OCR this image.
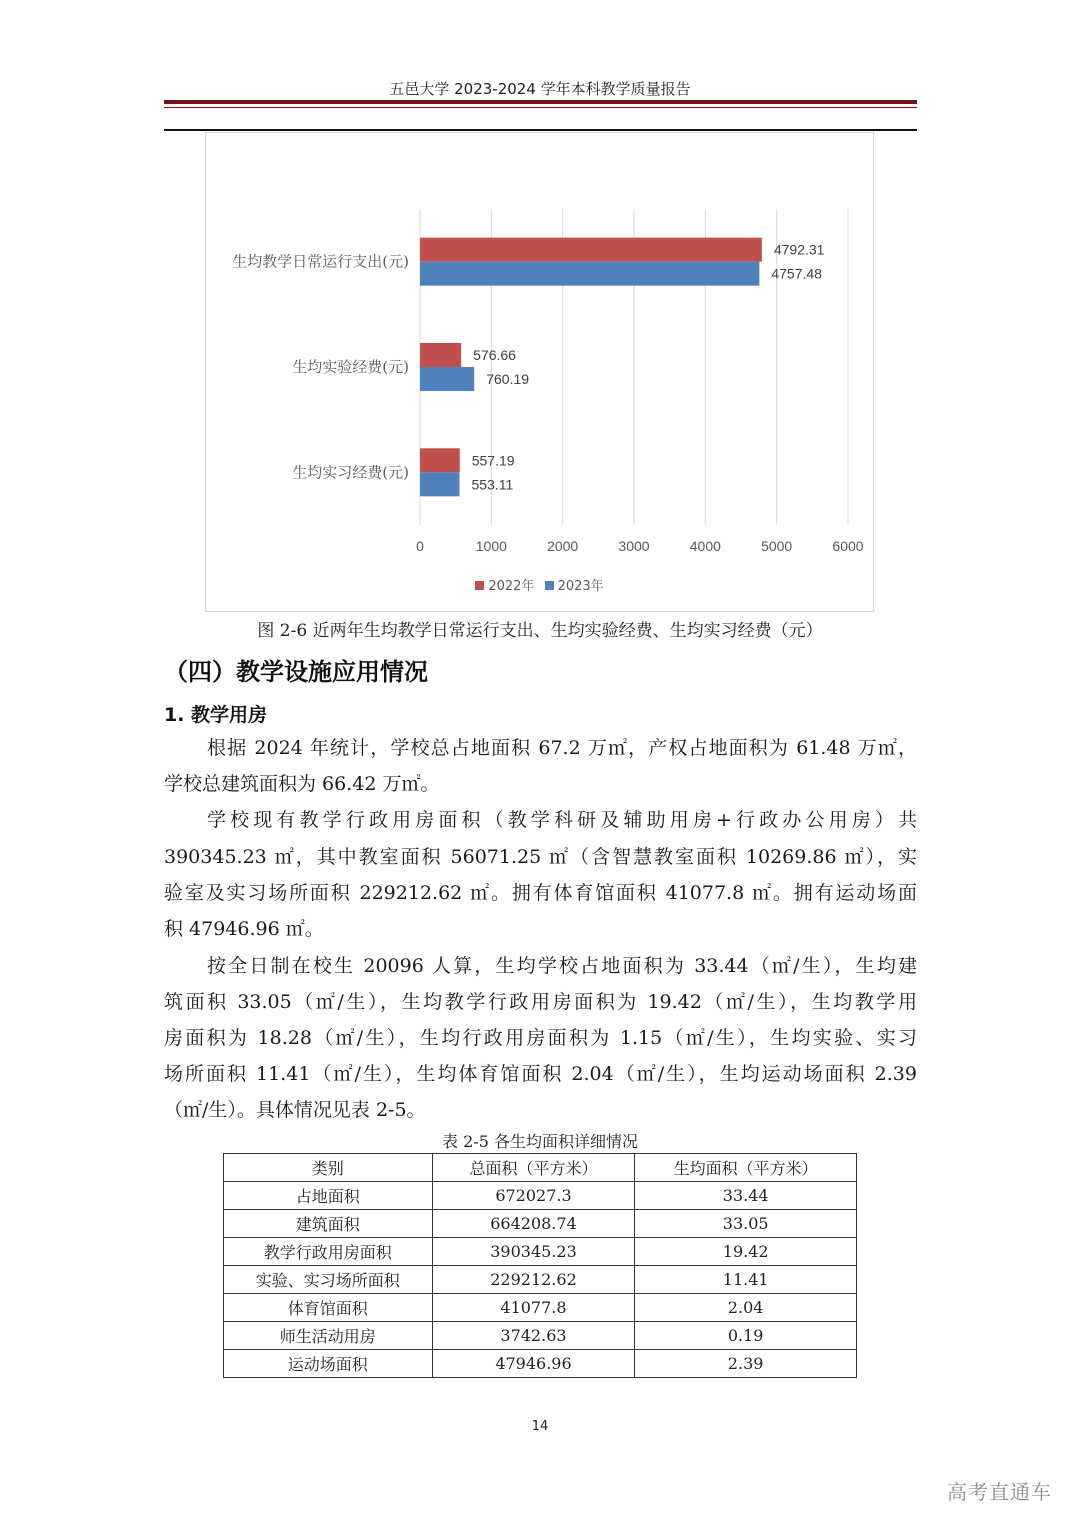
五邑大学 2023-2024 学年本科教学质量报告
0	1000	2000	3000	4000	5000	6000
生均教学日常运行支出(元)
4792.31
4757.48
生均实验经费(元)
576.66
760.19
生均实习经费(元)
557.19
553.11
2022年 2023年
图 2-6 近两年生均教学日常运行支出、生均实验经费、生均实习经费（元）
（四）教学设施应用情况
1. 教学用房
根据 2024 年统计，学校总占地面积 67.2 万㎡，产权占地面积为 61.48 万㎡，
学校总建筑面积为 66.42 万㎡。
学校现有教学行政用房面积（教学科研及辅助用房+行政办公用房）共
390345.23 ㎡，其中教室面积 56071.25 ㎡（含智慧教室面积 10269.86 ㎡），实
验室及实习场所面积 229212.62 ㎡。拥有体育馆面积 41077.8 ㎡。拥有运动场面
积 47946.96 ㎡。
按全日制在校生 20096 人算，生均学校占地面积为 33.44（㎡/生），生均建
筑面积 33.05（㎡/生），生均教学行政用房面积为 19.42（㎡/生），生均教学用
房面积为 18.28（㎡/生），生均行政用房面积为 1.15（㎡/生），生均实验、实习
场所面积 11.41（㎡/生），生均体育馆面积 2.04（㎡/生），生均运动场面积 2.39
（㎡/生）。具体情况见表 2-5。
表 2-5 各生均面积详细情况
类别	总面积（平方米）	生均面积（平方米）
占地面积	672027.3	33.44
建筑面积	664208.74	33.05
教学行政用房面积	390345.23	19.42
实验、实习场所面积	229212.62	11.41
体育馆面积	41077.8	2.04
师生活动用房	3742.63	0.19
运动场面积	47946.96	2.39
14
高考直通车
